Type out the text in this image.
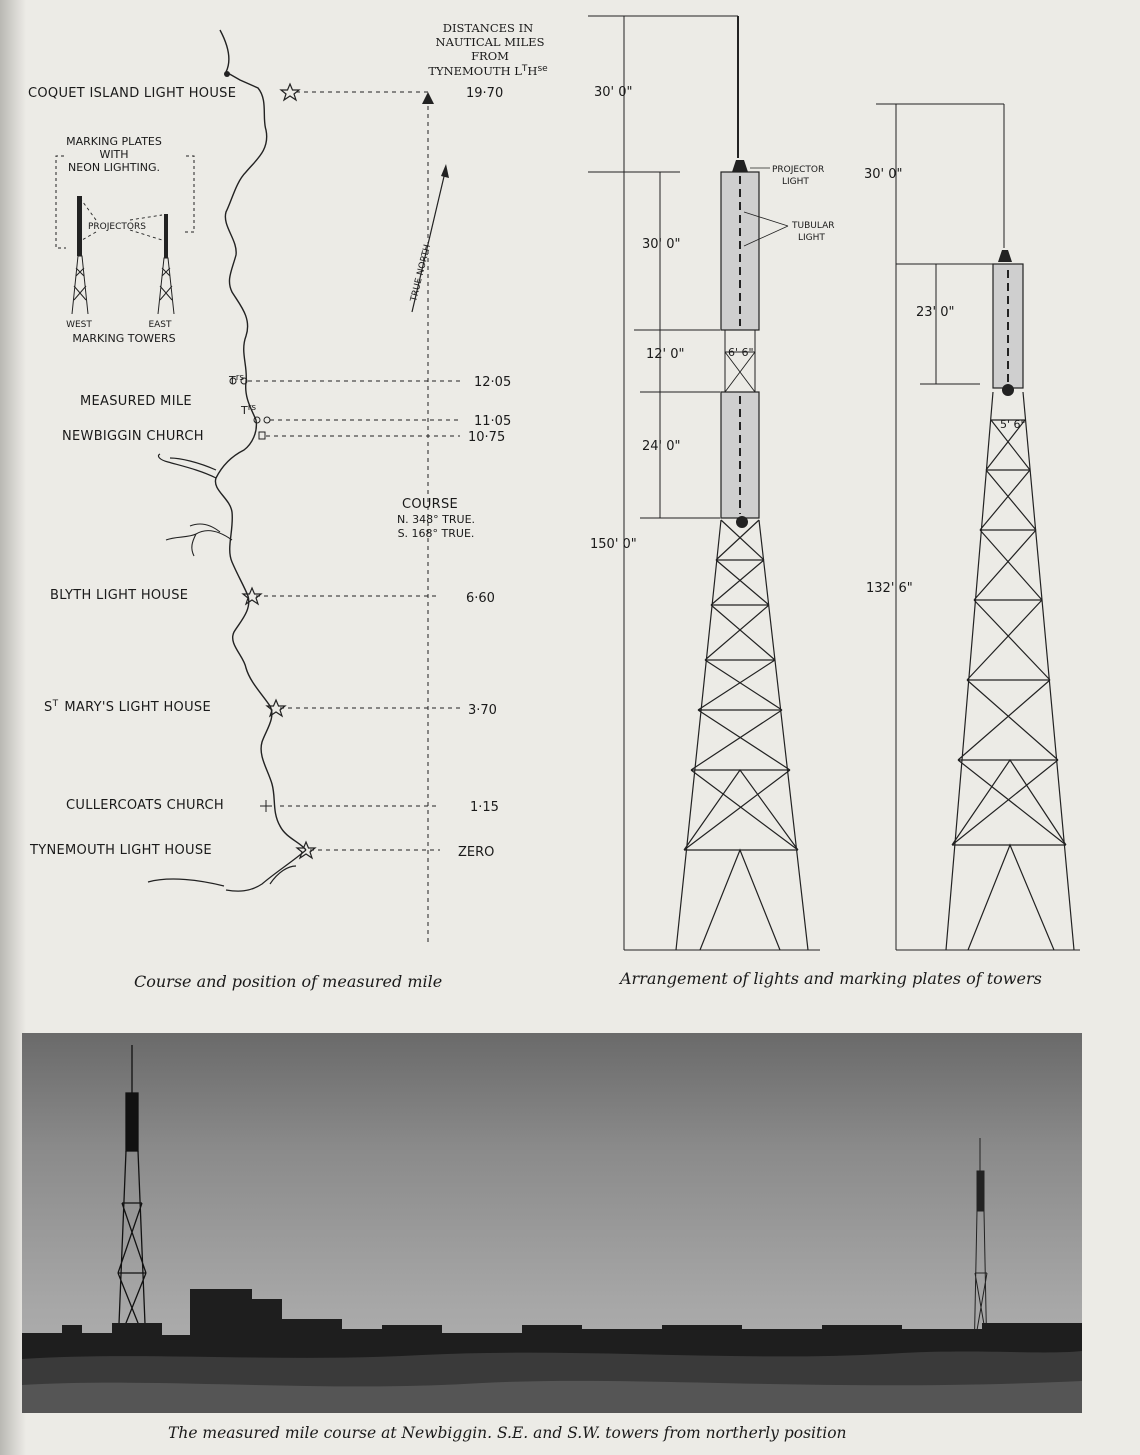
DISTANCES IN
NAUTICAL MILES
FROM
TYNEMOUTH $L^TH^{se}$
COQUET ISLAND LIGHT HOUSE
$T^{rs}$
MEASURED MILE
$T^{rs}$
NEWBIGGIN CHURCH
BLYTH LIGHT HOUSE
$S^T$ MARY'S LIGHT HOUSE
CULLERCOATS CHURCH
TYNEMOUTH LIGHT HOUSE
19·70
12·05
11·05
10·75
6·60
3·70
1·15
ZERO
TRUE NORTH
COURSE
N. 348° TRUE.
S. 168° TRUE.
MARKING PLATES
WITH
NEON LIGHTING.
PROJECTORS
WEST	EAST
MARKING TOWERS
Course and position of measured mile
PROJECTOR
LIGHT
TUBULAR
LIGHT
30' 0"
30' 0"
12' 0"	6' 6"
24' 0"
150' 0"
30' 0"
23' 0"
5' 6"
132' 6"
Arrangement of lights and marking plates of towers
The measured mile course at Newbiggin. S.E. and S.W. towers from northerly position
